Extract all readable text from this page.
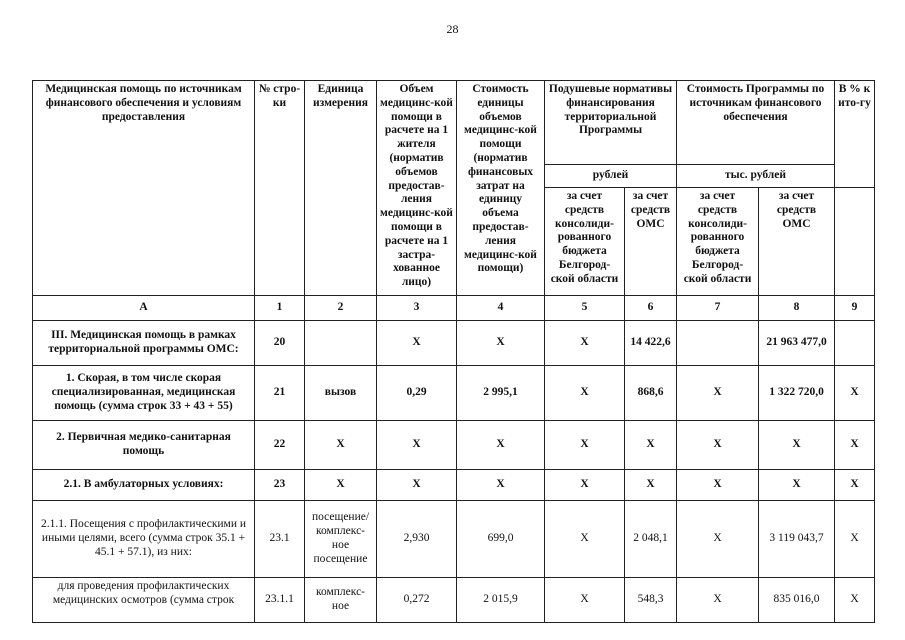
28
Медицинская помощь по источникам финансового обеспечения и условиям предоставления	№ стро-ки	Единица измерения	Объем медицинс-кой помощи в расчете на 1 жителя (норматив объемов предостав-ления медицинс-кой помощи в расчете на 1 застра-хованное лицо)	Стоимость единицы объемов медицинс-кой помощи (норматив финансовых затрат на единицу объема предостав-ления медицинс-кой помощи)	Подушевые нормативы финансирования территориальной Программы		Стоимость Программы по источникам финансового обеспечения		В % к ито-гу
					рублей		тыс. рублей		
					за счет средств консолиди-рованного бюджета Белгород-ской области	за счет средств ОМС	за счет средств консолиди-рованного бюджета Белгород-ской области	за счет средств ОМС	
А	1	2	3	4	5	6	7	8	9
III. Медицинская помощь в рамках территориальной программы ОМС:	20		X	X	X	14 422,6		21 963 477,0	
1. Скорая, в том числе скорая специализированная, медицинская помощь (сумма строк 33 + 43 + 55)	21	вызов	0,29	2 995,1	X	868,6	X	1 322 720,0	X
2. Первичная медико-санитарная помощь	22	X	X	X	X	X	X	X	X
2.1. В амбулаторных условиях:	23	X	X	X	X	X	X	X	X
2.1.1. Посещения с профилактическими и иными целями, всего (сумма строк 35.1 + 45.1 + 57.1), из них:	23.1	посещение/ комплекс-ное посещение	2,930	699,0	X	2 048,1	X	3 119 043,7	X
для проведения профилактических медицинских осмотров (сумма строк	23.1.1	комплекс-ное	0,272	2 015,9	X	548,3	X	835 016,0	X
